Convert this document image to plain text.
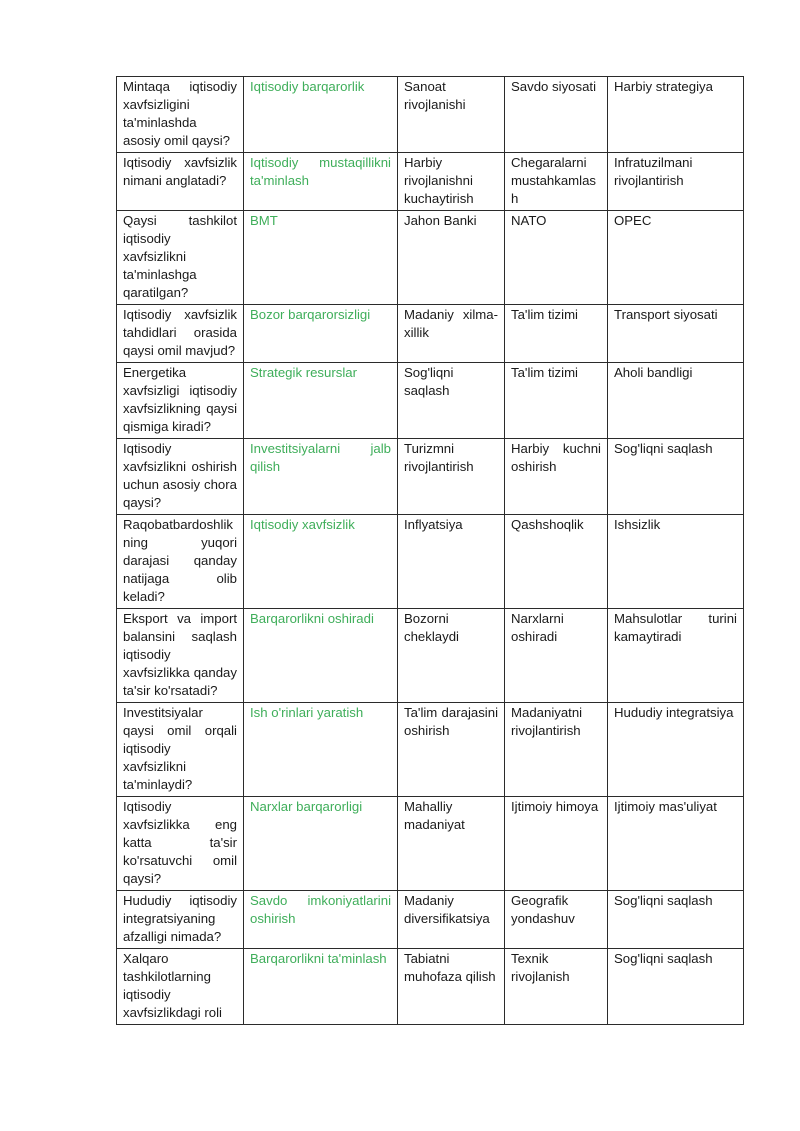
Mintaqa iqtisodiy xavfsizligini ta'minlashda asosiy omil qaysi?	Iqtisodiy barqarorlik	Sanoat rivojlanishi	Savdo siyosati	Harbiy strategiya
Iqtisodiy xavfsizlik nimani anglatadi?	Iqtisodiy mustaqillikni ta'minlash	Harbiy rivojlanishni kuchaytirish	Chegaralarni mustahkamlash	Infratuzilmani rivojlantirish
Qaysi tashkilot iqtisodiy xavfsizlikni ta'minlashga qaratilgan?	BMT	Jahon Banki	NATO	OPEC
Iqtisodiy xavfsizlik tahdidlari orasida qaysi omil mavjud?	Bozor barqarorsizligi	Madaniy xilma-xillik	Ta'lim tizimi	Transport siyosati
Energetika xavfsizligi iqtisodiy xavfsizlikning qaysi qismiga kiradi?	Strategik resurslar	Sog'liqni saqlash	Ta'lim tizimi	Aholi bandligi
Iqtisodiy xavfsizlikni oshirish uchun asosiy chora qaysi?	Investitsiyalarni jalb qilish	Turizmni rivojlantirish	Harbiy kuchni oshirish	Sog'liqni saqlash
Raqobatbardoshlikning yuqori darajasi qanday natijaga olib keladi?	Iqtisodiy xavfsizlik	Inflyatsiya	Qashshoqlik	Ishsizlik
Eksport va import balansini saqlash iqtisodiy xavfsizlikka qanday ta'sir ko'rsatadi?	Barqarorlikni oshiradi	Bozorni cheklaydi	Narxlarni oshiradi	Mahsulotlar turini kamaytiradi
Investitsiyalar qaysi omil orqali iqtisodiy xavfsizlikni ta'minlaydi?	Ish o'rinlari yaratish	Ta'lim darajasini oshirish	Madaniyatni rivojlantirish	Hududiy integratsiya
Iqtisodiy xavfsizlikka eng katta ta'sir ko'rsatuvchi omil qaysi?	Narxlar barqarorligi	Mahalliy madaniyat	Ijtimoiy himoya	Ijtimoiy mas'uliyat
Hududiy iqtisodiy integratsiyaning afzalligi nimada?	Savdo imkoniyatlarini oshirish	Madaniy diversifikatsiya	Geografik yondashuv	Sog'liqni saqlash
Xalqaro tashkilotlarning iqtisodiy xavfsizlikdagi roli	Barqarorlikni ta'minlash	Tabiatni muhofaza qilish	Texnik rivojlanish	Sog'liqni saqlash
